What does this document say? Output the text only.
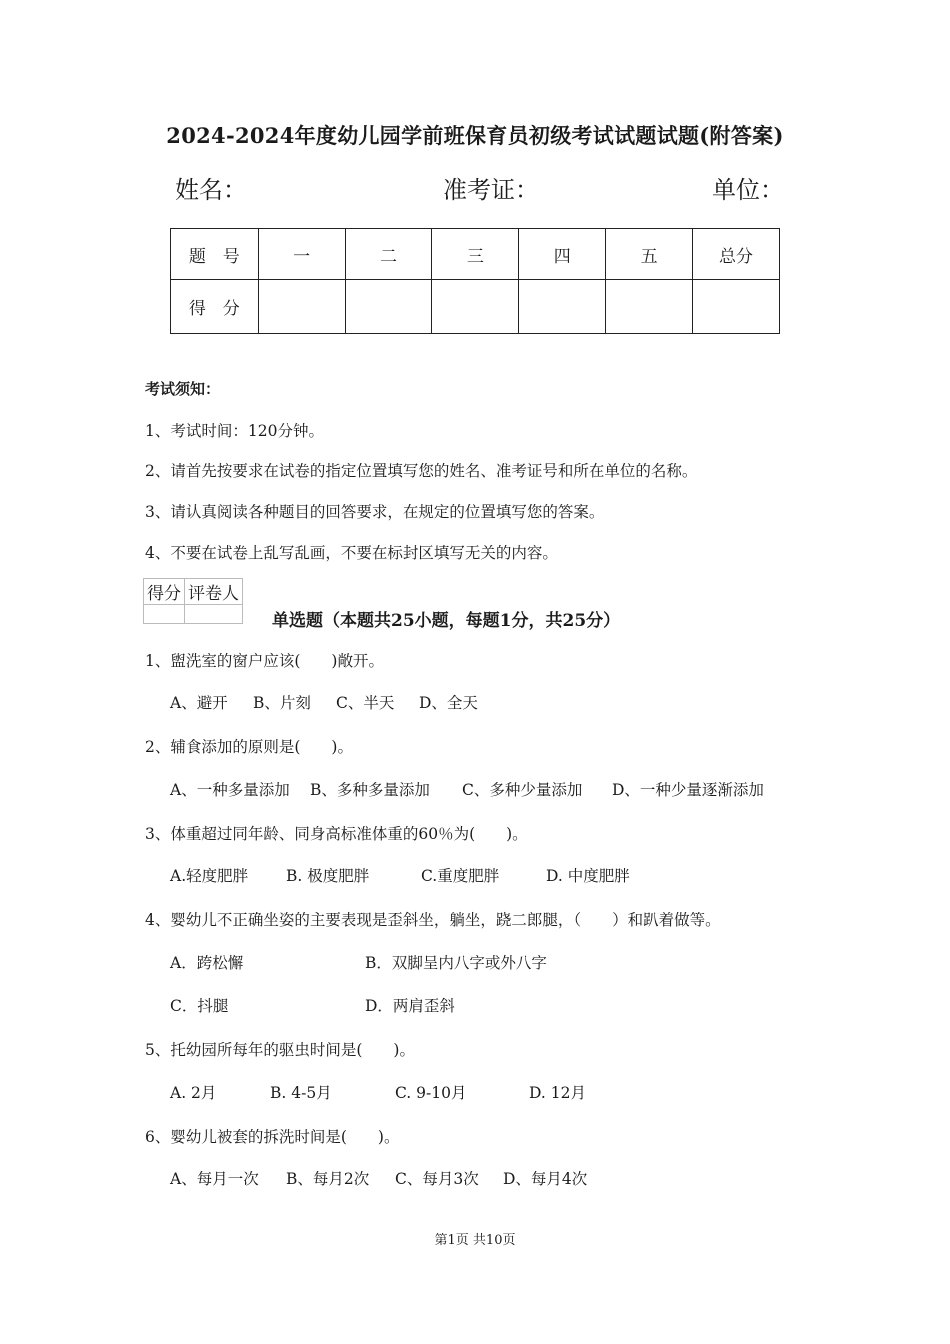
2024-2024年度幼儿园学前班保育员初级考试试题试题(附答案)
姓名：	准考证：	单位：
题　号	一	二	三	四	五	总分
得　分						
考试须知：
1、考试时间：120分钟。
2、请首先按要求在试卷的指定位置填写您的姓名、准考证号和所在单位的名称。
3、请认真阅读各种题目的回答要求，在规定的位置填写您的答案。
4、不要在试卷上乱写乱画，不要在标封区填写无关的内容。
得分	评卷人

单选题（本题共25小题，每题1分，共25分）
1、盥洗室的窗户应该(　　)敞开。
A、避开 B、片刻 C、半天 D、全天
2、辅食添加的原则是(　　)。
A、一种多量添加 B、多种多量添加 C、多种少量添加 D、一种少量逐渐添加
3、体重超过同年龄、同身高标准体重的60％为(　　)。
A.轻度肥胖 B. 极度肥胖	C.重度肥胖	D. 中度肥胖
4、婴幼儿不正确坐姿的主要表现是歪斜坐，躺坐，跷二郎腿，（　　）和趴着做等。
A．跨松懈	B．双脚呈内八字或外八字
C．抖腿	D．两肩歪斜
5、托幼园所每年的驱虫时间是(　　)。
A. 2月	B. 4-5月	C. 9-10月	D. 12月
6、婴幼儿被套的拆洗时间是(　　)。
A、每月一次 B、每月2次 C、每月3次 D、每月4次
第1页 共10页
